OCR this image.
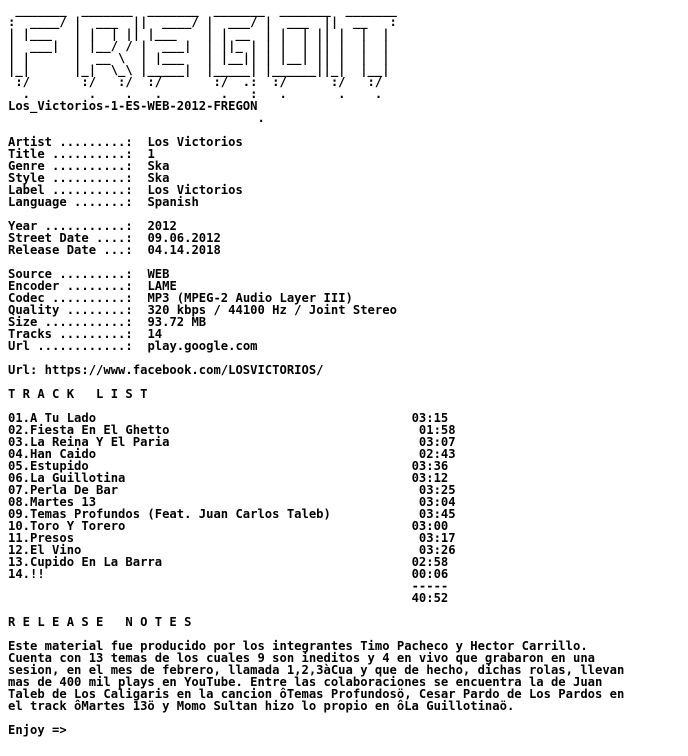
_______  _______  _______  _______  _______  _______
:  ____/ |  ___  ||  ____/ |  ___/ |  ___  ||  __   :
| |___   | |  | || |___    | | __  | |  | || |  |  |
|  ___|  | |__/ / |  ___|  | ||_ | | |  | || |  |  |
| |      |  __ \  | |___   | |__|| | |__| || |  |  |
|_|      |_|  \_\ |_____|  |_____| |______||_|  |__|
:/       :/   :/  :/       :/  .:  :/      :/   :/
.        .    .   .        .   :   .       .    .
Los_Victorios-1-ES-WEB-2012-FREGON
.

Artist .........: Los Victorios
Title ..........: 1
Genre ..........: Ska
Style ..........: Ska
Label ..........: Los Victorios
Language .......: Spanish

Year ...........: 2012
Street Date ....: 09.06.2012
Release Date ...: 04.14.2018

Source .........: WEB
Encoder ........: LAME
Codec ..........: MP3 (MPEG-2 Audio Layer III)
Quality ........: 320 kbps / 44100 Hz / Joint Stereo
Size ...........: 93.72 MB
Tracks .........: 14
Url ............: play.google.com

Url: https://www.facebook.com/LOSVICTORIOS/

T R A C K   L I S T

01.A Tu Lado	03:15
02.Fiesta En El Ghetto	01:58
03.La Reina Y El Paria	03:07
04.Han Caido	02:43
05.Estupido	03:36
06.La Guillotina	03:12
07.Perla De Bar	03:25
08.Martes 13	03:04
09.Temas Profundos (Feat. Juan Carlos Taleb)	03:45
10.Toro Y Torero	03:00
11.Presos	03:17
12.El Vino	03:26
13.Cupido En La Barra	02:58
14.!!	00:06
-----
40:52

R E L E A S E   N O T E S

Este material fue producido por los integrantes Timo Pacheco y Hector Carrillo.
Cuenta con 13 temas de los cuales 9 son ineditos y 4 en vivo que grabaron en una
sesion, en el mes de febrero, llamada 1,2,3àCua y que de hecho, dichas rolas, llevan
mas de 400 mil plays en YouTube. Entre las colaboraciones se encuentra la de Juan
Taleb de Los Caligaris en la cancion ôTemas Profundosö, Cesar Pardo de Los Pardos en
el track ôMartes 13ö y Momo Sultan hizo lo propio en ôLa Guillotinaö.

Enjoy =>
